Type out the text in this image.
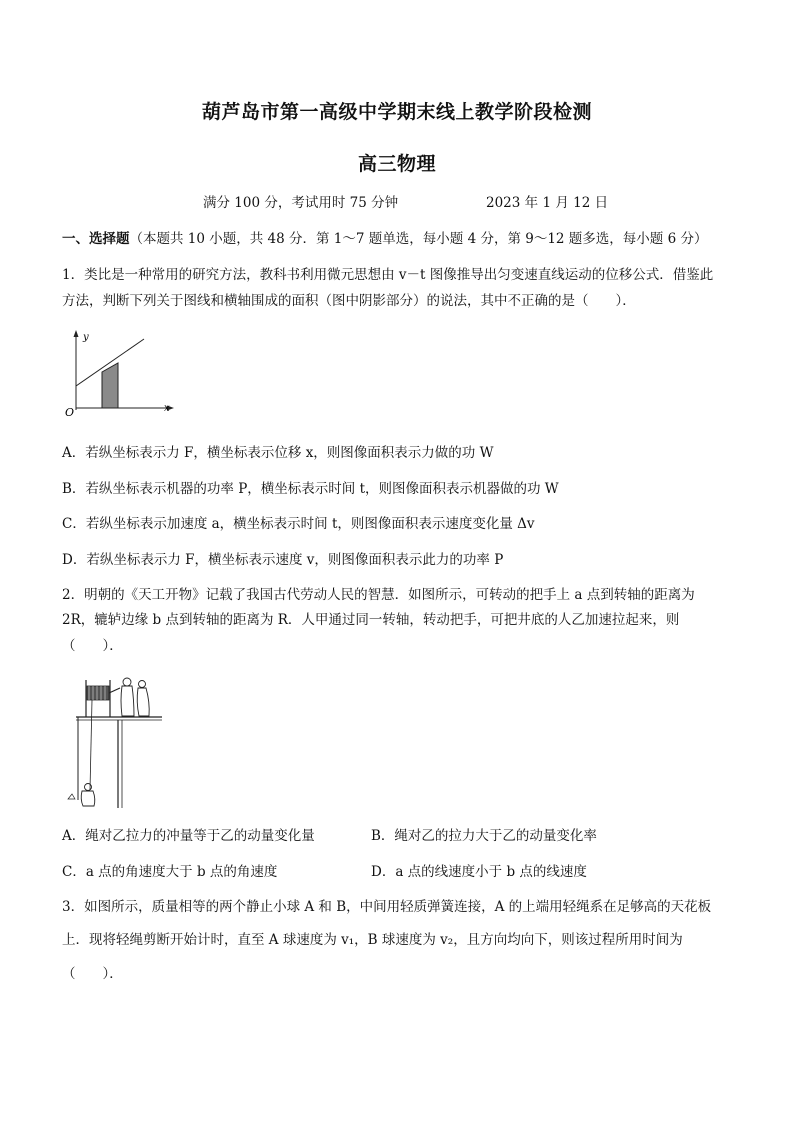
葫芦岛市第一高级中学期末线上教学阶段检测
高三物理
满分 100 分，考试用时 75 分钟	2023 年 1 月 12 日
一、选择题（本题共 10 小题，共 48 分．第 1～7 题单选，每小题 4 分，第 9～12 题多选，每小题 6 分）
1．类比是一种常用的研究方法，教科书利用微元思想由 v－t 图像推导出匀变速直线运动的位移公式．借鉴此
方法，判断下列关于图线和横轴围成的面积（图中阴影部分）的说法，其中不正确的是（　　）．
y
x
O
A．若纵坐标表示力 F，横坐标表示位移 x，则图像面积表示力做的功 W
B．若纵坐标表示机器的功率 P，横坐标表示时间 t，则图像面积表示机器做的功 W
C．若纵坐标表示加速度 a，横坐标表示时间 t，则图像面积表示速度变化量 Δv
D．若纵坐标表示力 F，横坐标表示速度 v，则图像面积表示此力的功率 P
2．明朝的《天工开物》记载了我国古代劳动人民的智慧．如图所示，可转动的把手上 a 点到转轴的距离为
2R，辘轳边缘 b 点到转轴的距离为 R．人甲通过同一转轴，转动把手，可把井底的人乙加速拉起来，则
（　　）．
A．绳对乙拉力的冲量等于乙的动量变化量	B．绳对乙的拉力大于乙的动量变化率
C．a 点的角速度大于 b 点的角速度	D．a 点的线速度小于 b 点的线速度
3．如图所示，质量相等的两个静止小球 A 和 B，中间用轻质弹簧连接，A 的上端用轻绳系在足够高的天花板
上．现将轻绳剪断开始计时，直至 A 球速度为 v₁，B 球速度为 v₂，且方向均向下，则该过程所用时间为
（　　）．
